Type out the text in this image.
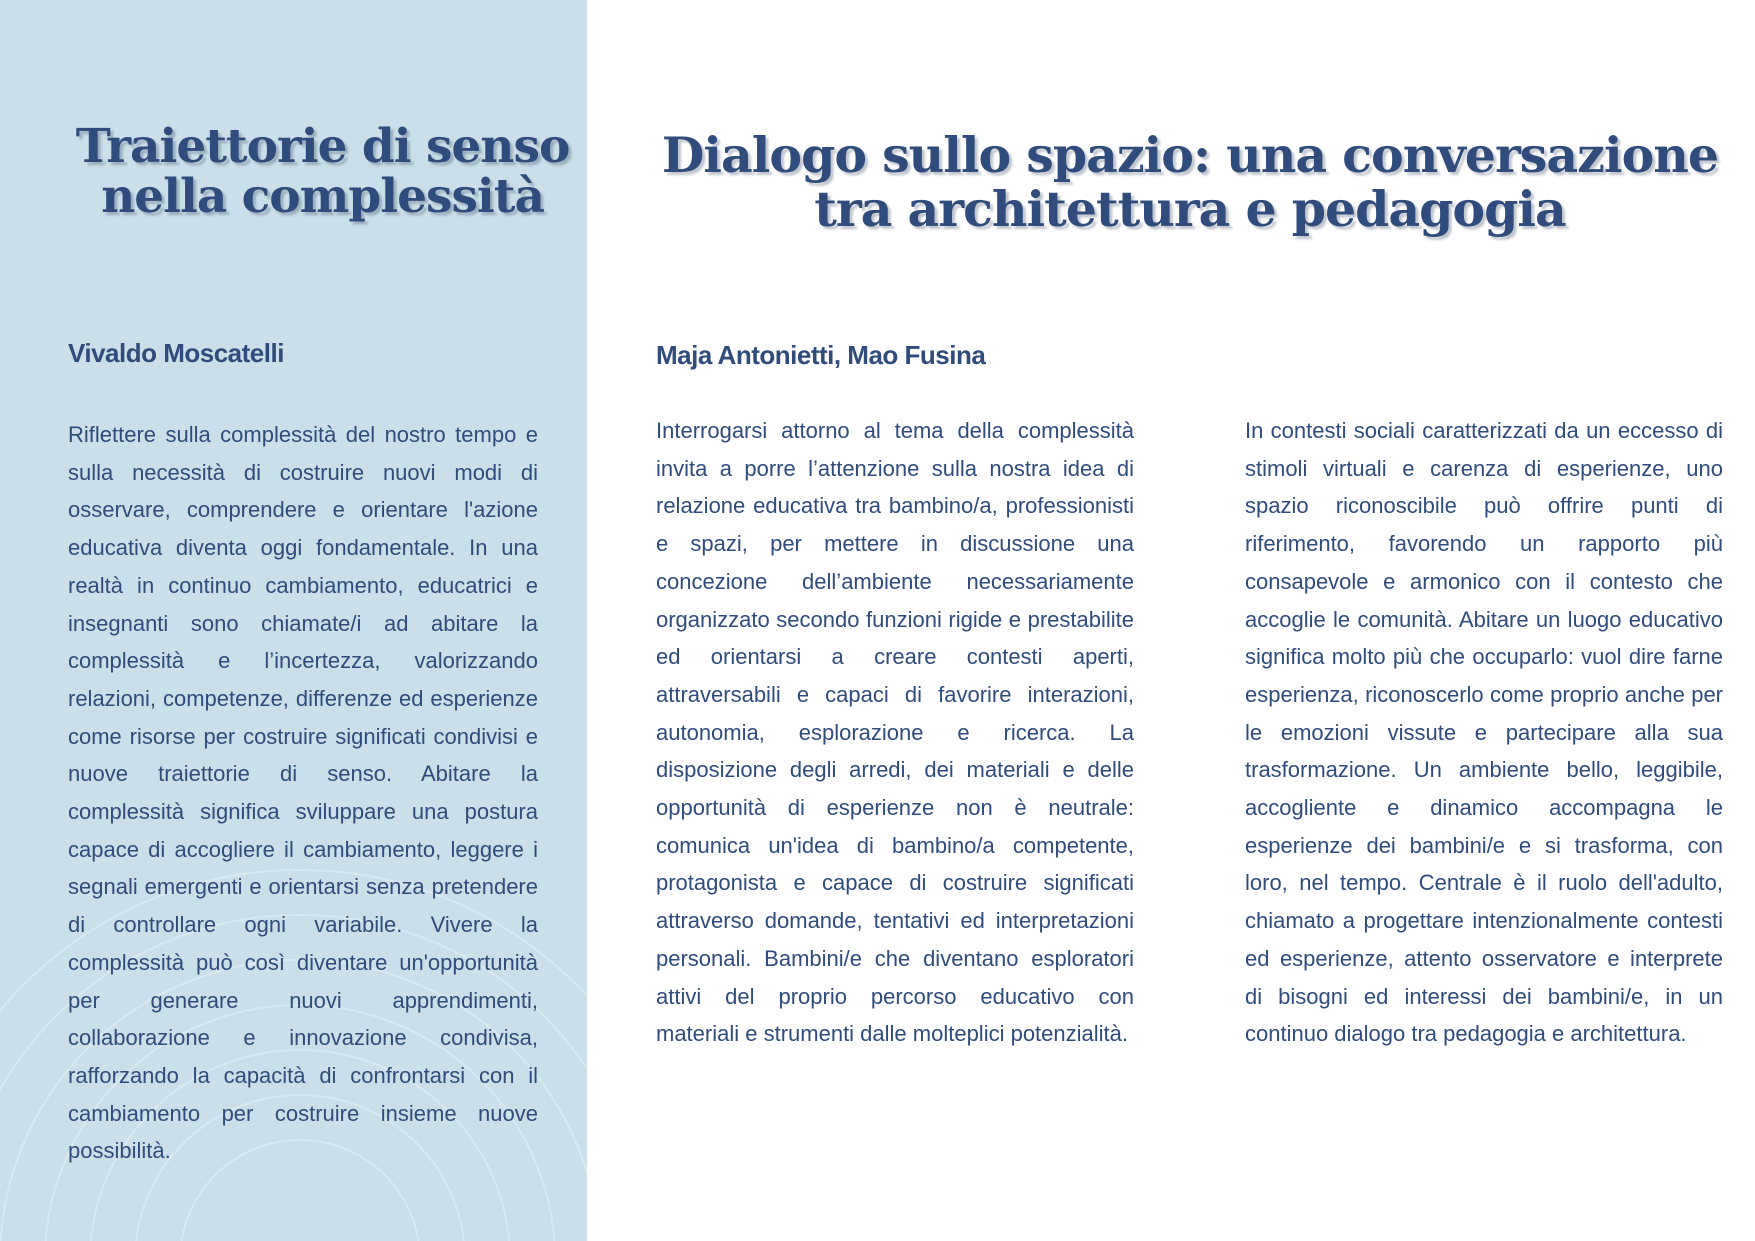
Traiettorie di senso nella complessità
Vivaldo Moscatelli

Riflettere sulla complessità del nostro tempo e sulla necessità di costruire nuovi modi di osservare, comprendere e orientare l'azione educativa diventa oggi fondamentale. In una realtà in continuo cambiamento, educatrici e insegnanti sono chiamate/i ad abitare la complessità e l’incertezza, valorizzando relazioni, competenze, differenze ed esperienze come risorse per costruire significati condivisi e nuove traiettorie di senso. Abitare la complessità significa sviluppare una postura capace di accogliere il cambiamento, leggere i segnali emergenti e orientarsi senza pretendere di controllare ogni variabile. Vivere la complessità può così diventare un'opportunità per generare nuovi apprendimenti, collaborazione e innovazione condivisa, rafforzando la capacità di confrontarsi con il cambiamento per costruire insieme nuove possibilità.

Dialogo sullo spazio: una conversazione tra architettura e pedagogia
Maja Antonietti, Mao Fusina

Interrogarsi attorno al tema della complessità invita a porre l’attenzione sulla nostra idea di relazione educativa tra bambino/a, professionisti e spazi, per mettere in discussione una concezione dell’ambiente necessariamente organizzato secondo funzioni rigide e prestabilite ed orientarsi a creare contesti aperti, attraversabili e capaci di favorire interazioni, autonomia, esplorazione e ricerca. La disposizione degli arredi, dei materiali e delle opportunità di esperienze non è neutrale: comunica un'idea di bambino/a competente, protagonista e capace di costruire significati attraverso domande, tentativi ed interpretazioni personali. Bambini/e che diventano esploratori attivi del proprio percorso educativo con materiali e strumenti dalle molteplici potenzialità.

In contesti sociali caratterizzati da un eccesso di stimoli virtuali e carenza di esperienze, uno spazio riconoscibile può offrire punti di riferimento, favorendo un rapporto più consapevole e armonico con il contesto che accoglie le comunità. Abitare un luogo educativo significa molto più che occuparlo: vuol dire farne esperienza, riconoscerlo come proprio anche per le emozioni vissute e partecipare alla sua trasformazione. Un ambiente bello, leggibile, accogliente e dinamico accompagna le esperienze dei bambini/e e si trasforma, con loro, nel tempo. Centrale è il ruolo dell'adulto, chiamato a progettare intenzionalmente contesti ed esperienze, attento osservatore e interprete di bisogni ed interessi dei bambini/e, in un continuo dialogo tra pedagogia e architettura.
